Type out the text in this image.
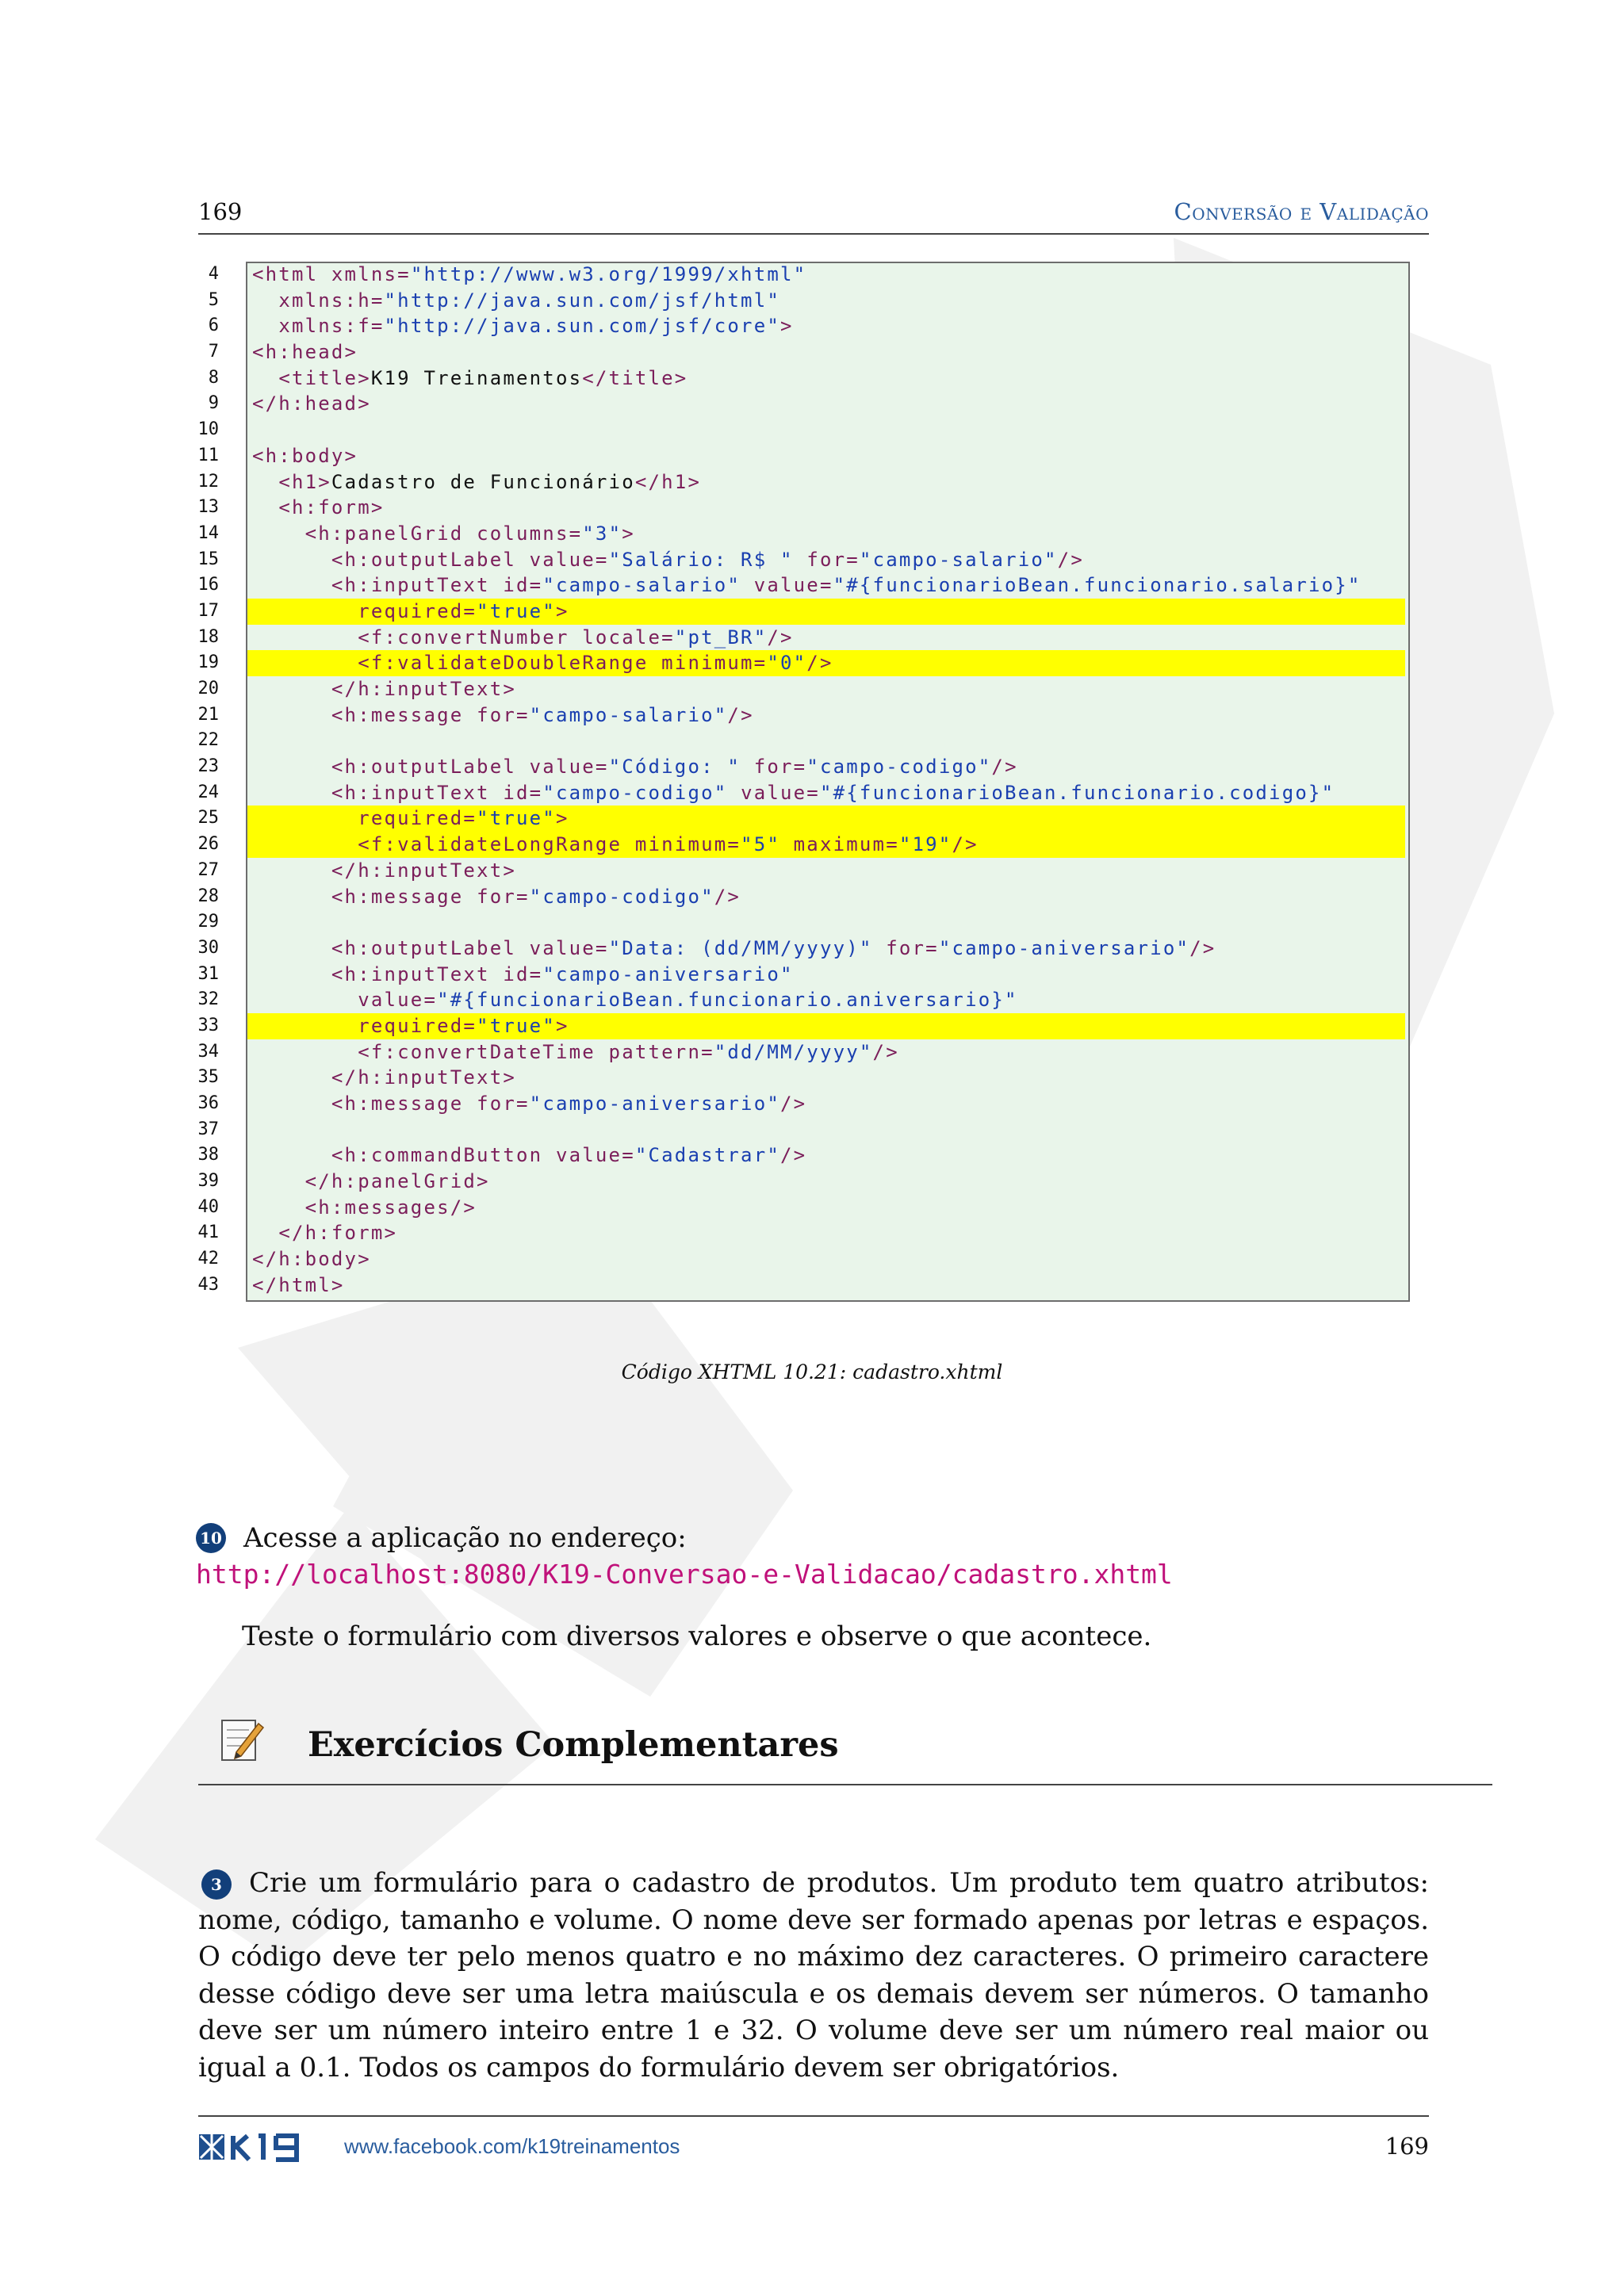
169	Conversão e Validação
4
5
6
7
8
9
10
11
12
13
14
15
16
17
18
19
20
21
22
23
24
25
26
27
28
29
30
31
32
33
34
35
36
37
38
39
40
41
42
43
<html xmlns="http://www.w3.org/1999/xhtml"
xmlns:h="http://java.sun.com/jsf/html"
xmlns:f="http://java.sun.com/jsf/core">
<h:head>
<title>K19 Treinamentos</title>
</h:head>
<h:body>
<h1>Cadastro de Funcionário</h1>
<h:form>
<h:panelGrid columns="3">
<h:outputLabel value="Salário: R$ " for="campo-salario"/>
<h:inputText id="campo-salario" value="#{funcionarioBean.funcionario.salario}"
required="true">
<f:convertNumber locale="pt_BR"/>
<f:validateDoubleRange minimum="0"/>
</h:inputText>
<h:message for="campo-salario"/>
<h:outputLabel value="Código: " for="campo-codigo"/>
<h:inputText id="campo-codigo" value="#{funcionarioBean.funcionario.codigo}"
required="true">
<f:validateLongRange minimum="5" maximum="19"/>
</h:inputText>
<h:message for="campo-codigo"/>
<h:outputLabel value="Data: (dd/MM/yyyy)" for="campo-aniversario"/>
<h:inputText id="campo-aniversario"
value="#{funcionarioBean.funcionario.aniversario}"
required="true">
<f:convertDateTime pattern="dd/MM/yyyy"/>
</h:inputText>
<h:message for="campo-aniversario"/>
<h:commandButton value="Cadastrar"/>
</h:panelGrid>
<h:messages/>
</h:form>
</h:body>
</html>
Código XHTML 10.21: cadastro.xhtml
10 Acesse a aplicação no endereço:
http://localhost:8080/K19-Conversao-e-Validacao/cadastro.xhtml
Teste o formulário com diversos valores e observe o que acontece.
Exercícios Complementares
3 Crie um formulário para o cadastro de produtos. Um produto tem quatro atributos: nome, código, tamanho e volume. O nome deve ser formado apenas por letras e espaços. O código deve ter pelo menos quatro e no máximo dez caracteres. O primeiro caractere desse código deve ser uma letra maiúscula e os demais devem ser números. O tamanho deve ser um número inteiro entre 1 e 32. O volume deve ser um número real maior ou igual a 0.1. Todos os campos do formulário devem ser obrigatórios.
www.facebook.com/k19treinamentos	169
